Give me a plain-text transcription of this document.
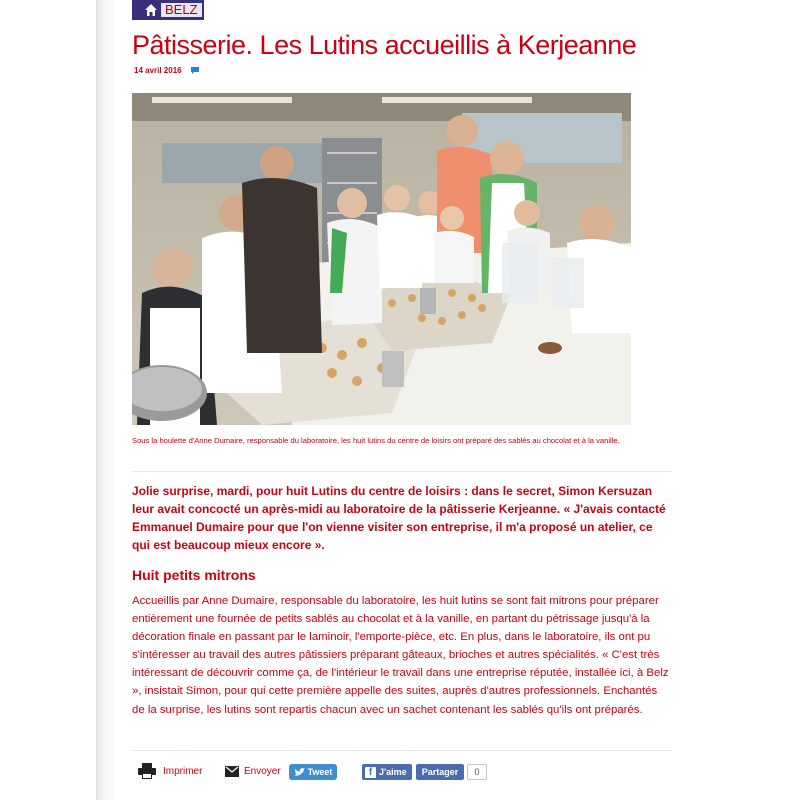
BELZ
Pâtisserie. Les Lutins accueillis à Kerjeanne
14 avril 2016
Sous la houlette d'Anne Dumaire, responsable du laboratoire, les huit lutins du centre de loisirs ont préparé des sablés au chocolat et à la vanille.

Jolie surprise, mardi, pour huit Lutins du centre de loisirs : dans le secret, Simon Kersuzan leur avait concocté un après-midi au laboratoire de la pâtisserie Kerjeanne. « J'avais contacté Emmanuel Dumaire pour que l'on vienne visiter son entreprise, il m'a proposé un atelier, ce qui est beaucoup mieux encore ».

Huit petits mitrons

Accueillis par Anne Dumaire, responsable du laboratoire, les huit lutins se sont fait mitrons pour préparer entièrement une fournée de petits sablés au chocolat et à la vanille, en partant du pétrissage jusqu'à la décoration finale en passant par le laminoir, l'emporte-pièce, etc. En plus, dans le laboratoire, ils ont pu s'intéresser au travail des autres pâtissiers préparant gâteaux, brioches et autres spécialités. « C'est très intéressant de découvrir comme ça, de l'intérieur le travail dans une entreprise réputée, installée ici, à Belz », insistait Simon, pour qui cette première appelle des suites, auprès d'autres professionnels. Enchantés de la surprise, les lutins sont repartis chacun avec un sachet contenant les sablés qu'ils ont préparés.

Imprimer	Envoyer	Tweet	f J'aime Partager	0
